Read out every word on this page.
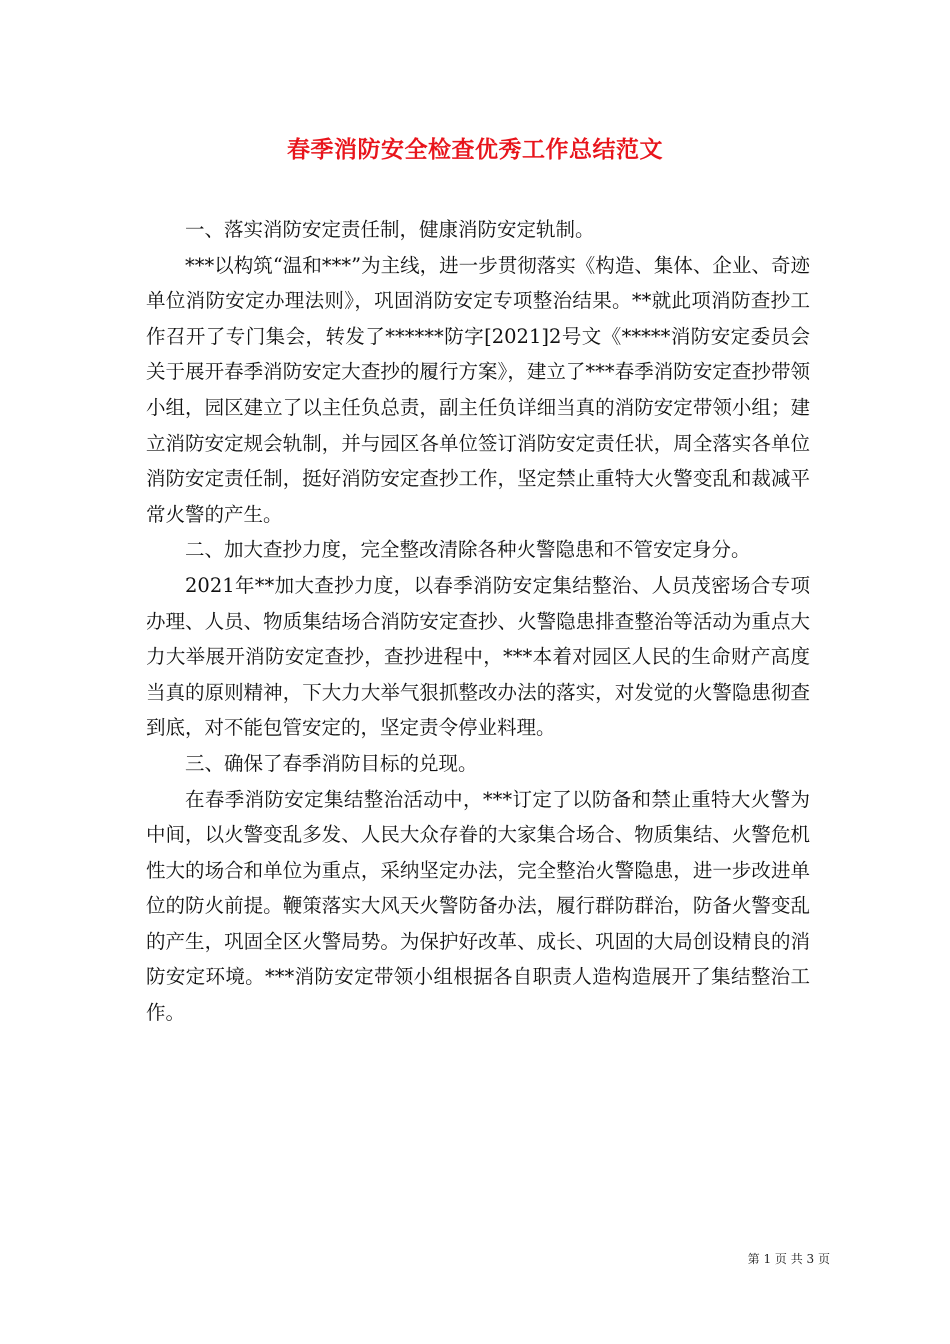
春季消防安全检查优秀工作总结范文

一、落实消防安定责任制，健康消防安定轨制。

***以构筑“温和***”为主线，进一步贯彻落实《构造、集体、企业、奇迹单位消防安定办理法则》，巩固消防安定专项整治结果。**就此项消防查抄工作召开了专门集会，转发了******防字[2021]2号文《*****消防安定委员会关于展开春季消防安定大查抄的履行方案》，建立了***春季消防安定查抄带领小组，园区建立了以主任负总责，副主任负详细当真的消防安定带领小组；建立消防安定规会轨制，并与园区各单位签订消防安定责任状，周全落实各单位消防安定责任制，挺好消防安定查抄工作，坚定禁止重特大火警变乱和裁减平常火警的产生。

二、加大查抄力度，完全整改清除各种火警隐患和不管安定身分。

2021年**加大查抄力度，以春季消防安定集结整治、人员茂密场合专项办理、人员、物质集结场合消防安定查抄、火警隐患排查整治等活动为重点大力大举展开消防安定查抄，查抄进程中，***本着对园区人民的生命财产高度当真的原则精神，下大力大举气狠抓整改办法的落实，对发觉的火警隐患彻查到底，对不能包管安定的，坚定责令停业料理。

三、确保了春季消防目标的兑现。

在春季消防安定集结整治活动中，***订定了以防备和禁止重特大火警为中间，以火警变乱多发、人民大众存眷的大家集合场合、物质集结、火警危机性大的场合和单位为重点，采纳坚定办法，完全整治火警隐患，进一步改进单位的防火前提。鞭策落实大风天火警防备办法，履行群防群治，防备火警变乱的产生，巩固全区火警局势。为保护好改革、成长、巩固的大局创设精良的消防安定环境。***消防安定带领小组根据各自职责人造构造展开了集结整治工作。

第 1 页 共 3 页
